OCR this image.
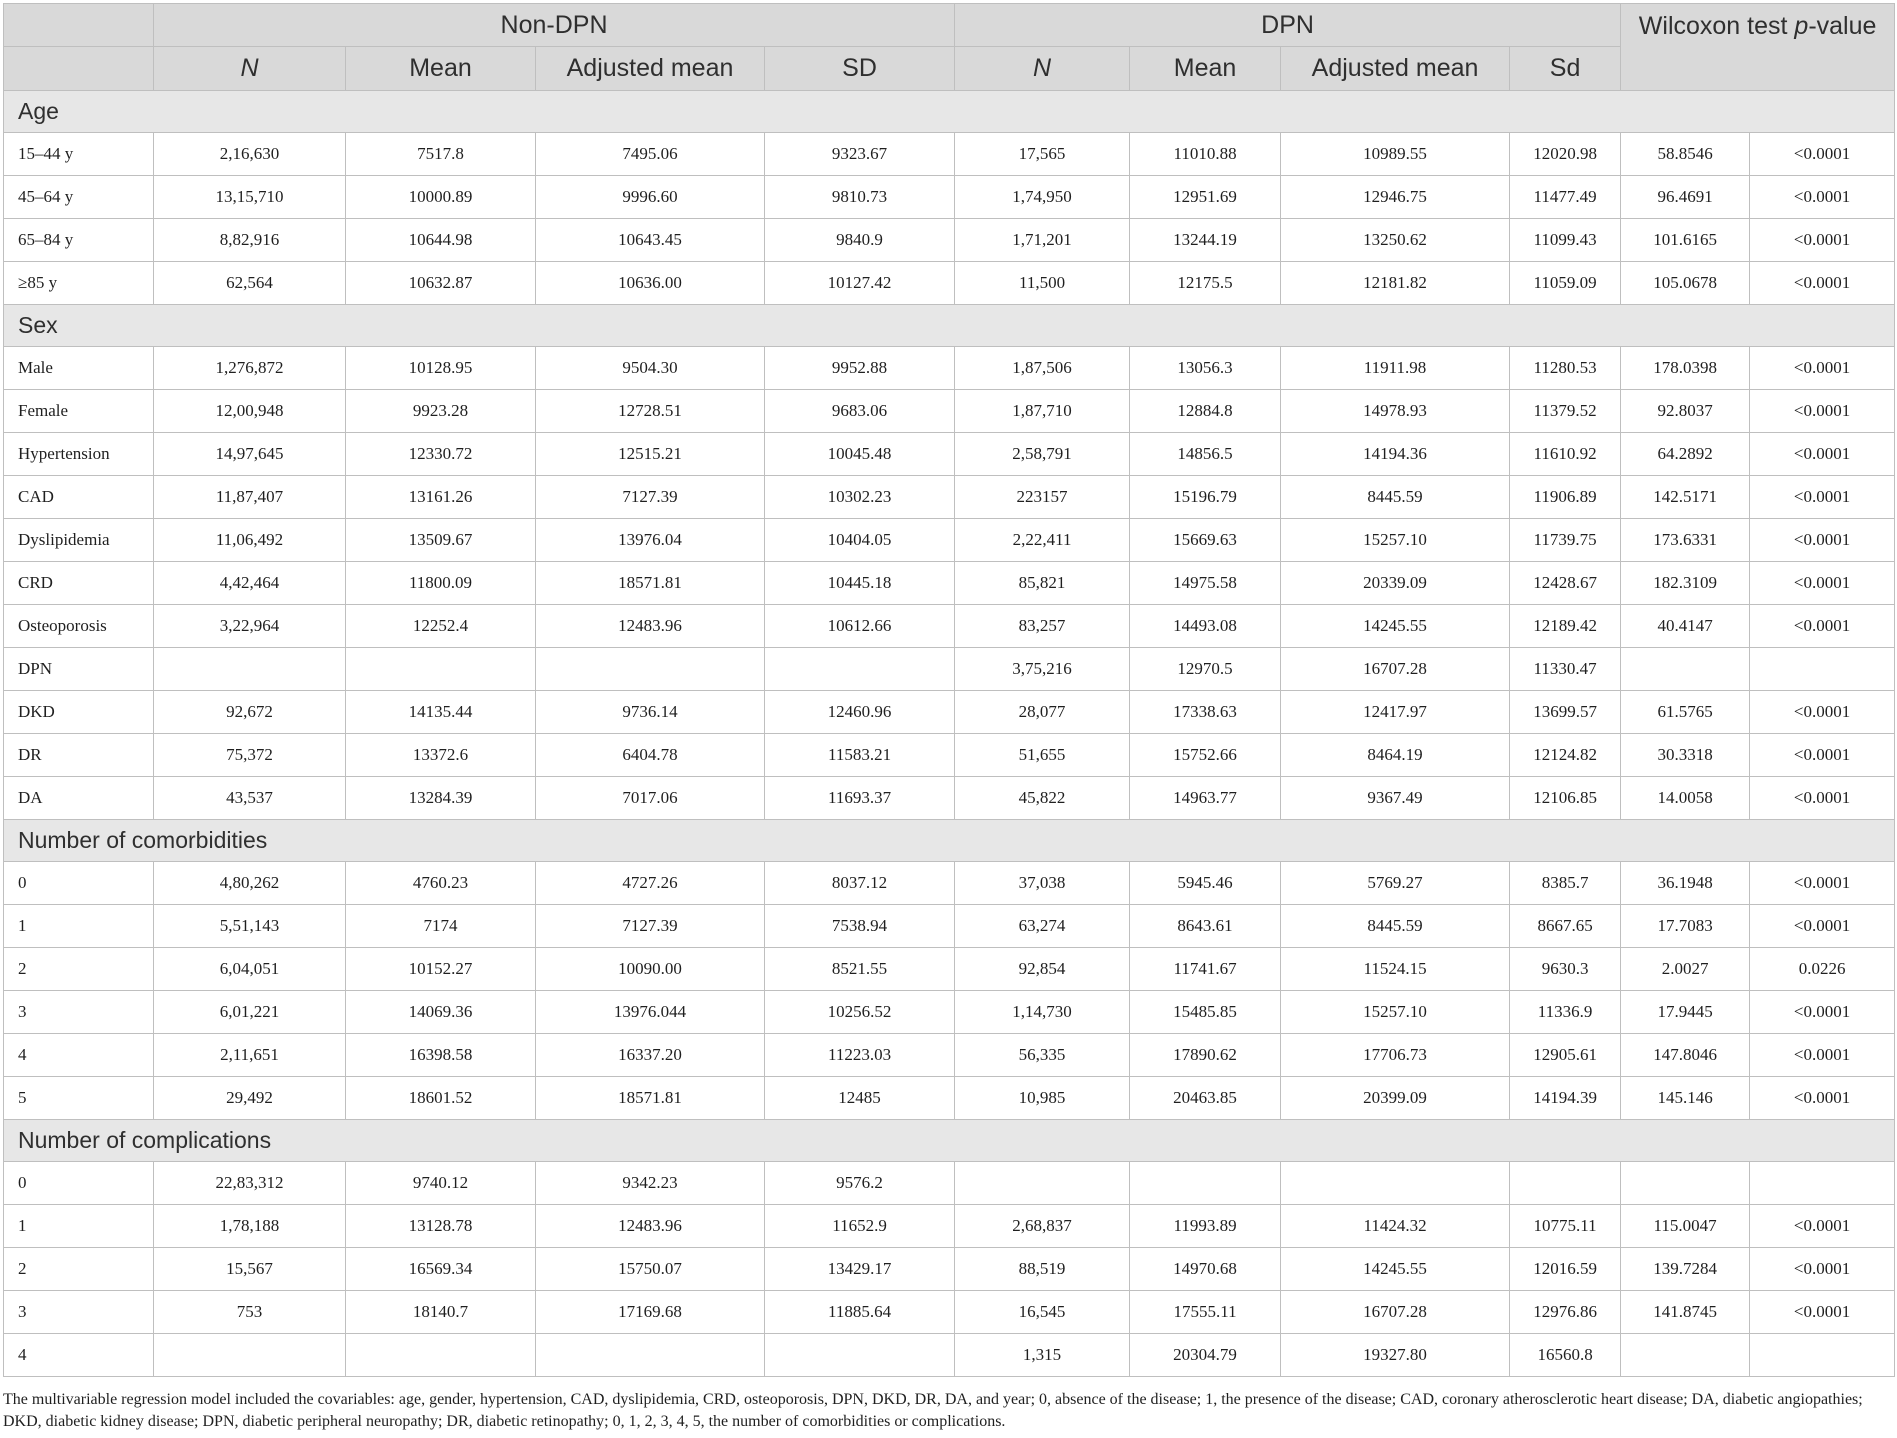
	Non-DPN				DPN				Wilcoxon test p-value	
	N	Mean	Adjusted mean	SD	N	Mean	Adjusted mean	Sd		
Age										
15–44 y	2,16,630	7517.8	7495.06	9323.67	17,565	11010.88	10989.55	12020.98	58.8546	<0.0001
45–64 y	13,15,710	10000.89	9996.60	9810.73	1,74,950	12951.69	12946.75	11477.49	96.4691	<0.0001
65–84 y	8,82,916	10644.98	10643.45	9840.9	1,71,201	13244.19	13250.62	11099.43	101.6165	<0.0001
≥85 y	62,564	10632.87	10636.00	10127.42	11,500	12175.5	12181.82	11059.09	105.0678	<0.0001
Sex										
Male	1,276,872	10128.95	9504.30	9952.88	1,87,506	13056.3	11911.98	11280.53	178.0398	<0.0001
Female	12,00,948	9923.28	12728.51	9683.06	1,87,710	12884.8	14978.93	11379.52	92.8037	<0.0001
Hypertension	14,97,645	12330.72	12515.21	10045.48	2,58,791	14856.5	14194.36	11610.92	64.2892	<0.0001
CAD	11,87,407	13161.26	7127.39	10302.23	223157	15196.79	8445.59	11906.89	142.5171	<0.0001
Dyslipidemia	11,06,492	13509.67	13976.04	10404.05	2,22,411	15669.63	15257.10	11739.75	173.6331	<0.0001
CRD	4,42,464	11800.09	18571.81	10445.18	85,821	14975.58	20339.09	12428.67	182.3109	<0.0001
Osteoporosis	3,22,964	12252.4	12483.96	10612.66	83,257	14493.08	14245.55	12189.42	40.4147	<0.0001
DPN					3,75,216	12970.5	16707.28	11330.47		
DKD	92,672	14135.44	9736.14	12460.96	28,077	17338.63	12417.97	13699.57	61.5765	<0.0001
DR	75,372	13372.6	6404.78	11583.21	51,655	15752.66	8464.19	12124.82	30.3318	<0.0001
DA	43,537	13284.39	7017.06	11693.37	45,822	14963.77	9367.49	12106.85	14.0058	<0.0001
Number of comorbidities										
0	4,80,262	4760.23	4727.26	8037.12	37,038	5945.46	5769.27	8385.7	36.1948	<0.0001
1	5,51,143	7174	7127.39	7538.94	63,274	8643.61	8445.59	8667.65	17.7083	<0.0001
2	6,04,051	10152.27	10090.00	8521.55	92,854	11741.67	11524.15	9630.3	2.0027	0.0226
3	6,01,221	14069.36	13976.044	10256.52	1,14,730	15485.85	15257.10	11336.9	17.9445	<0.0001
4	2,11,651	16398.58	16337.20	11223.03	56,335	17890.62	17706.73	12905.61	147.8046	<0.0001
5	29,492	18601.52	18571.81	12485	10,985	20463.85	20399.09	14194.39	145.146	<0.0001
Number of complications										
0	22,83,312	9740.12	9342.23	9576.2						
1	1,78,188	13128.78	12483.96	11652.9	2,68,837	11993.89	11424.32	10775.11	115.0047	<0.0001
2	15,567	16569.34	15750.07	13429.17	88,519	14970.68	14245.55	12016.59	139.7284	<0.0001
3	753	18140.7	17169.68	11885.64	16,545	17555.11	16707.28	12976.86	141.8745	<0.0001
4					1,315	20304.79	19327.80	16560.8		
The multivariable regression model included the covariables: age, gender, hypertension, CAD, dyslipidemia, CRD, osteoporosis, DPN, DKD, DR, DA, and year; 0, absence of the disease; 1, the presence of the disease; CAD, coronary atherosclerotic heart disease; DA, diabetic angiopathies; DKD, diabetic kidney disease; DPN, diabetic peripheral neuropathy; DR, diabetic retinopathy; 0, 1, 2, 3, 4, 5, the number of comorbidities or complications.
